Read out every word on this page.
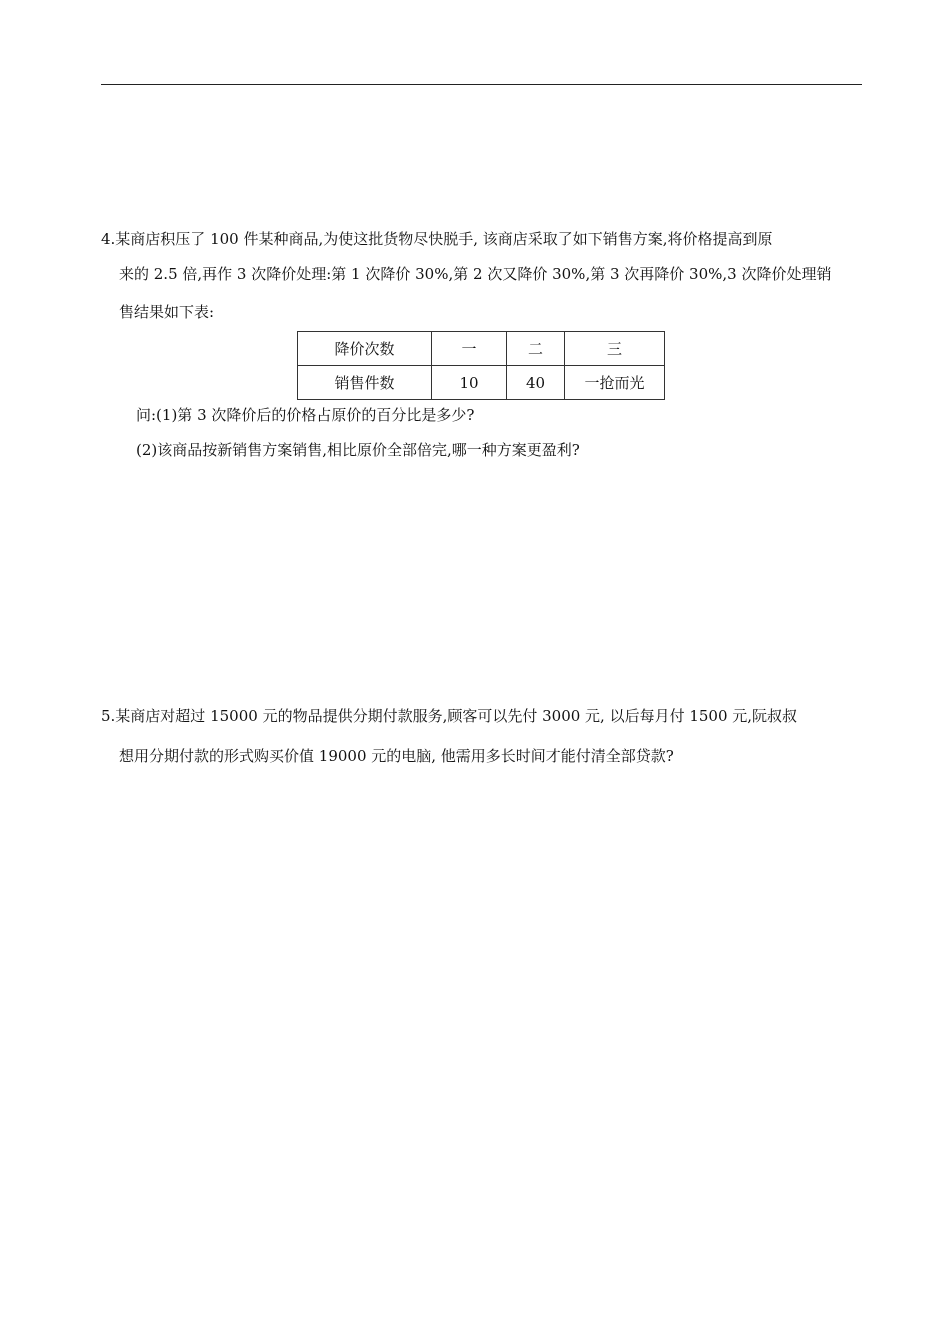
4.某商店积压了 100 件某种商品,为使这批货物尽快脱手, 该商店采取了如下销售方案,将价格提高到原
来的 2.5 倍,再作 3 次降价处理:第 1 次降价 30%,第 2 次又降价 30%,第 3 次再降价 30%,3 次降价处理销
售结果如下表:
降价次数	一	二	三
销售件数	10	40	一抢而光
问:(1)第 3 次降价后的价格占原价的百分比是多少?
(2)该商品按新销售方案销售,相比原价全部倍完,哪一种方案更盈利?
5.某商店对超过 15000 元的物品提供分期付款服务,顾客可以先付 3000 元, 以后每月付 1500 元,阮叔叔
想用分期付款的形式购买价值 19000 元的电脑, 他需用多长时间才能付清全部贷款?
